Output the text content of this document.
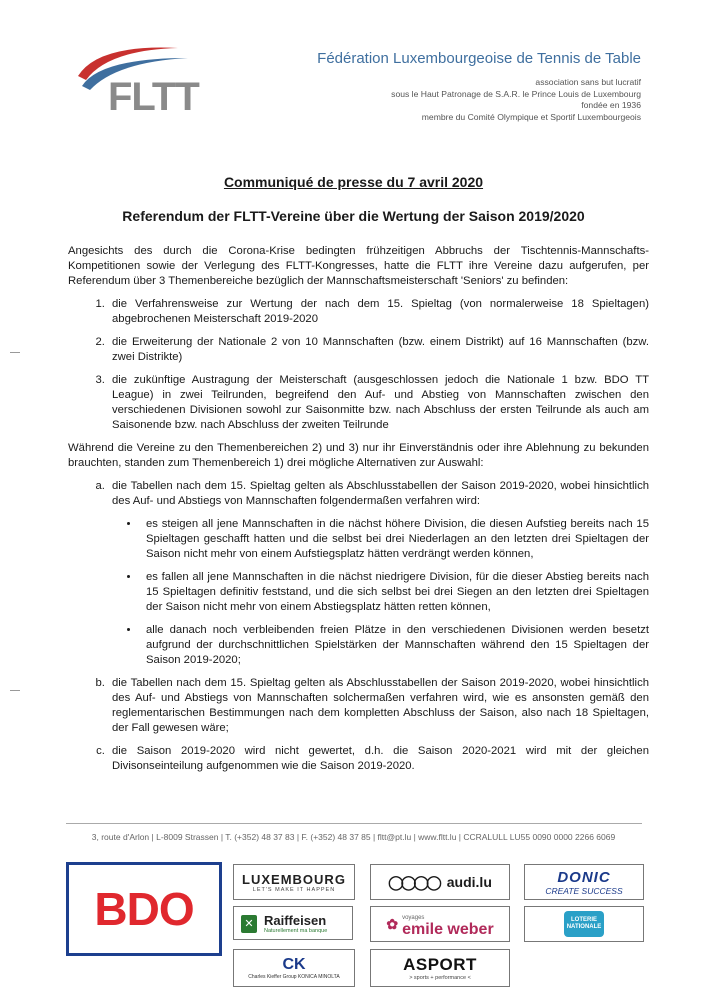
FLTT
Fédération Luxembourgeoise de Tennis de Table
association sans but lucratif
sous le Haut Patronage de S.A.R. le Prince Louis de Luxembourg
fondée en 1936
membre du Comité Olympique et Sportif Luxembourgeois
Communiqué de presse du 7 avril 2020
Referendum der FLTT-Vereine über die Wertung der Saison 2019/2020

Angesichts des durch die Corona-Krise bedingten frühzeitigen Abbruchs der Tischtennis-Mannschafts-Kompetitionen sowie der Verlegung des FLTT-Kongresses, hatte die FLTT ihre Vereine dazu aufgerufen, per Referendum über 3 Themenbereiche bezüglich der Mannschaftsmeisterschaft 'Seniors' zu befinden:

1. die Verfahrensweise zur Wertung der nach dem 15. Spieltag (von normalerweise 18 Spieltagen) abgebrochenen Meisterschaft 2019-2020
2. die Erweiterung der Nationale 2 von 10 Mannschaften (bzw. einem Distrikt) auf 16 Mannschaften (bzw. zwei Distrikte)
3. die zukünftige Austragung der Meisterschaft (ausgeschlossen jedoch die Nationale 1 bzw. BDO TT League) in zwei Teilrunden, begreifend den Auf- und Abstieg von Mannschaften zwischen den verschiedenen Divisionen sowohl zur Saisonmitte bzw. nach Abschluss der ersten Teilrunde als auch am Saisonende bzw. nach Abschluss der zweiten Teilrunde

Während die Vereine zu den Themenbereichen 2) und 3) nur ihr Einverständnis oder ihre Ablehnung zu bekunden brauchten, standen zum Themenbereich 1) drei mögliche Alternativen zur Auswahl:

a. die Tabellen nach dem 15. Spieltag gelten als Abschlusstabellen der Saison 2019-2020, wobei hinsichtlich des Auf- und Abstiegs von Mannschaften folgendermaßen verfahren wird:
• es steigen all jene Mannschaften in die nächst höhere Division, die diesen Aufstieg bereits nach 15 Spieltagen geschafft hatten und die selbst bei drei Niederlagen an den letzten drei Spieltagen der Saison nicht mehr von einem Aufstiegsplatz hätten verdrängt werden können,
• es fallen all jene Mannschaften in die nächst niedrigere Division, für die dieser Abstieg bereits nach 15 Spieltagen definitiv feststand, und die sich selbst bei drei Siegen an den letzten drei Spieltagen der Saison nicht mehr von einem Abstiegsplatz hätten retten können,
• alle danach noch verbleibenden freien Plätze in den verschiedenen Divisionen werden besetzt aufgrund der durchschnittlichen Spielstärken der Mannschaften während den 15 Spieltagen der Saison 2019-2020;
b. die Tabellen nach dem 15. Spieltag gelten als Abschlusstabellen der Saison 2019-2020, wobei hinsichtlich des Auf- und Abstiegs von Mannschaften solchermaßen verfahren wird, wie es ansonsten gemäß den reglementarischen Bestimmungen nach dem kompletten Abschluss der Saison, also nach 18 Spieltagen, der Fall gewesen wäre;
c. die Saison 2019-2020 wird nicht gewertet, d.h. die Saison 2020-2021 wird mit der gleichen Divisonseinteilung aufgenommen wie die Saison 2019-2020.
3, route d'Arlon | L-8009 Strassen | T. (+352) 48 37 83 | F. (+352) 48 37 85 | fltt@pt.lu | www.fltt.lu | CCRALULL LU55 0090 0000 2266 6069
BDO
LUXEMBOURG
LET'S MAKE IT HAPPEN	◯◯◯◯ audi.lu	DONIC
CREATE SUCCESS
✕ Raiffeisen
Naturellement ma banque	✿ voyages
emile weber
LOTERIE NATIONALE
CK
Charles Kieffer Group KONICA MINOLTA
ASPORT
> sports + performance <
